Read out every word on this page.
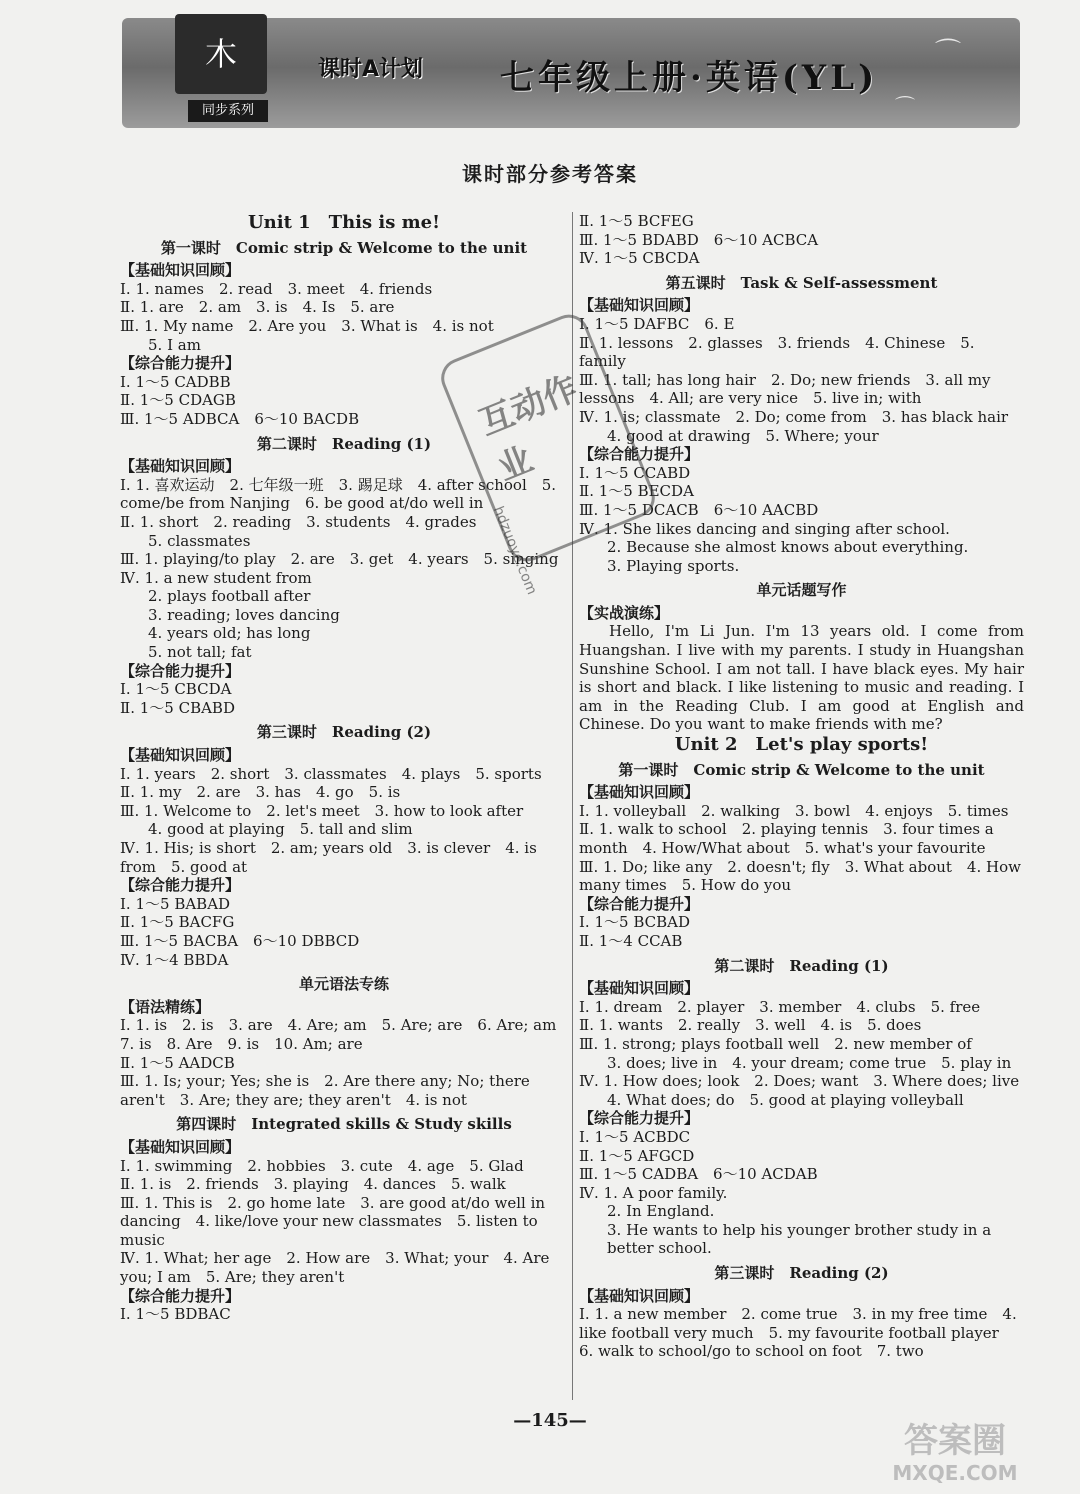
木
同步系列
课时A计划	七年级上册·英语(YL)
⌒
⌒
课时部分参考答案
Unit 1　This is me!
第一课时　Comic strip & Welcome to the unit
【基础知识回顾】
Ⅰ. 1. names　2. read　3. meet　4. friends
Ⅱ. 1. are　2. am　3. is　4. Is　5. are
Ⅲ. 1. My name　2. Are you　3. What is　4. is not
5. I am
【综合能力提升】
Ⅰ. 1～5 CADBB
Ⅱ. 1～5 CDAGB
Ⅲ. 1～5 ADBCA　6～10 BACDB
第二课时　Reading (1)
【基础知识回顾】
Ⅰ. 1. 喜欢运动　2. 七年级一班　3. 踢足球　4. after school　5. come/be from Nanjing　6. be good at/do well in
Ⅱ. 1. short　2. reading　3. students　4. grades
5. classmates
Ⅲ. 1. playing/to play　2. are　3. get　4. years　5. singing
Ⅳ. 1. a new student from
2. plays football after
3. reading; loves dancing
4. years old; has long
5. not tall; fat
【综合能力提升】
Ⅰ. 1～5 CBCDA
Ⅱ. 1～5 CBABD
第三课时　Reading (2)
【基础知识回顾】
Ⅰ. 1. years　2. short　3. classmates　4. plays　5. sports
Ⅱ. 1. my　2. are　3. has　4. go　5. is
Ⅲ. 1. Welcome to　2. let's meet　3. how to look after
4. good at playing　5. tall and slim
Ⅳ. 1. His; is short　2. am; years old　3. is clever　4. is from　5. good at
【综合能力提升】
Ⅰ. 1～5 BABAD
Ⅱ. 1～5 BACFG
Ⅲ. 1～5 BACBA　6～10 DBBCD
Ⅳ. 1～4 BBDA
单元语法专练
【语法精练】
Ⅰ. 1. is　2. is　3. are　4. Are; am　5. Are; are　6. Are; am　7. is　8. Are　9. is　10. Am; are
Ⅱ. 1～5 AADCB
Ⅲ. 1. Is; your; Yes; she is　2. Are there any; No; there aren't　3. Are; they are; they aren't　4. is not
第四课时　Integrated skills & Study skills
【基础知识回顾】
Ⅰ. 1. swimming　2. hobbies　3. cute　4. age　5. Glad
Ⅱ. 1. is　2. friends　3. playing　4. dances　5. walk
Ⅲ. 1. This is　2. go home late　3. are good at/do well in dancing　4. like/love your new classmates　5. listen to music
Ⅳ. 1. What; her age　2. How are　3. What; your　4. Are you; I am　5. Are; they aren't
【综合能力提升】
Ⅰ. 1～5 BDBAC
Ⅱ. 1～5 BCFEG
Ⅲ. 1～5 BDABD　6～10 ACBCA
Ⅳ. 1～5 CBCDA
第五课时　Task & Self-assessment
【基础知识回顾】
Ⅰ. 1～5 DAFBC　6. E
Ⅱ. 1. lessons　2. glasses　3. friends　4. Chinese　5. family
Ⅲ. 1. tall; has long hair　2. Do; new friends　3. all my lessons　4. All; are very nice　5. live in; with
Ⅳ. 1. is; classmate　2. Do; come from　3. has black hair
4. good at drawing　5. Where; your
【综合能力提升】
Ⅰ. 1～5 CCABD
Ⅱ. 1～5 BECDA
Ⅲ. 1～5 DCACB　6～10 AACBD
Ⅳ. 1. She likes dancing and singing after school.
2. Because she almost knows about everything.
3. Playing sports.
单元话题写作
【实战演练】
Hello, I'm Li Jun. I'm 13 years old. I come from Huangshan. I live with my parents. I study in Huangshan Sunshine School. I am not tall. I have black eyes. My hair is short and black. I like listening to music and reading. I am in the Reading Club. I am good at English and Chinese. Do you want to make friends with me?
Unit 2　Let's play sports!
第一课时　Comic strip & Welcome to the unit
【基础知识回顾】
Ⅰ. 1. volleyball　2. walking　3. bowl　4. enjoys　5. times
Ⅱ. 1. walk to school　2. playing tennis　3. four times a month　4. How/What about　5. what's your favourite
Ⅲ. 1. Do; like any　2. doesn't; fly　3. What about　4. How many times　5. How do you
【综合能力提升】
Ⅰ. 1～5 BCBAD
Ⅱ. 1～4 CCAB
第二课时　Reading (1)
【基础知识回顾】
Ⅰ. 1. dream　2. player　3. member　4. clubs　5. free
Ⅱ. 1. wants　2. really　3. well　4. is　5. does
Ⅲ. 1. strong; plays football well　2. new member of
3. does; live in　4. your dream; come true　5. play in
Ⅳ. 1. How does; look　2. Does; want　3. Where does; live
4. What does; do　5. good at playing volleyball
【综合能力提升】
Ⅰ. 1～5 ACBDC
Ⅱ. 1～5 AFGCD
Ⅲ. 1～5 CADBA　6～10 ACDAB
Ⅳ. 1. A poor family.
2. In England.
3. He wants to help his younger brother study in a better school.
第三课时　Reading (2)
【基础知识回顾】
Ⅰ. 1. a new member　2. come true　3. in my free time　4. like football very much　5. my favourite football player　6. walk to school/go to school on foot　7. two
互动作业
hdzuoye.com
—145—
答案圈
MXQE.COM
